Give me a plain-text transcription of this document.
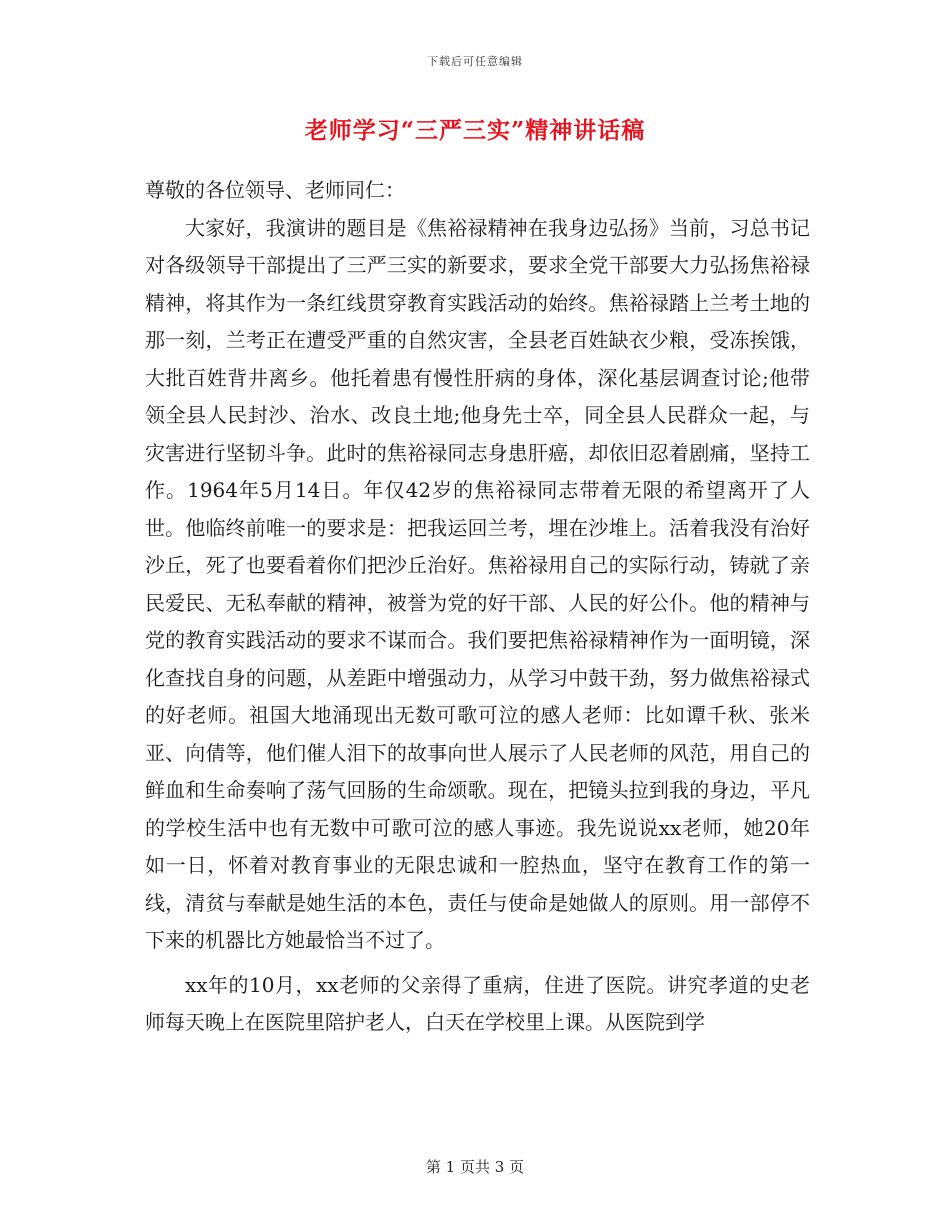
下载后可任意编辑
老师学习“三严三实”精神讲话稿

尊敬的各位领导、老师同仁：

大家好，我演讲的题目是《焦裕禄精神在我身边弘扬》当前，习总书记对各级领导干部提出了三严三实的新要求，要求全党干部要大力弘扬焦裕禄精神，将其作为一条红线贯穿教育实践活动的始终。焦裕禄踏上兰考土地的那一刻，兰考正在遭受严重的自然灾害，全县老百姓缺衣少粮，受冻挨饿，大批百姓背井离乡。他托着患有慢性肝病的身体，深化基层调查讨论;他带领全县人民封沙、治水、改良土地;他身先士卒，同全县人民群众一起，与灾害进行坚韧斗争。此时的焦裕禄同志身患肝癌，却依旧忍着剧痛，坚持工作。1964年5月14日。年仅42岁的焦裕禄同志带着无限的希望离开了人世。他临终前唯一的要求是：把我运回兰考，埋在沙堆上。活着我没有治好沙丘，死了也要看着你们把沙丘治好。焦裕禄用自己的实际行动，铸就了亲民爱民、无私奉献的精神，被誉为党的好干部、人民的好公仆。他的精神与党的教育实践活动的要求不谋而合。我们要把焦裕禄精神作为一面明镜，深化查找自身的问题，从差距中增强动力，从学习中鼓干劲，努力做焦裕禄式的好老师。祖国大地涌现出无数可歌可泣的感人老师：比如谭千秋、张米亚、向倩等，他们催人泪下的故事向世人展示了人民老师的风范，用自己的鲜血和生命奏响了荡气回肠的生命颂歌。现在，把镜头拉到我的身边，平凡的学校生活中也有无数中可歌可泣的感人事迹。我先说说xx老师，她20年如一日，怀着对教育事业的无限忠诚和一腔热血，坚守在教育工作的第一线，清贫与奉献是她生活的本色，责任与使命是她做人的原则。用一部停不下来的机器比方她最恰当不过了。

xx年的10月，xx老师的父亲得了重病，住进了医院。讲究孝道的史老师每天晚上在医院里陪护老人，白天在学校里上课。从医院到学

第 1 页共 3 页
